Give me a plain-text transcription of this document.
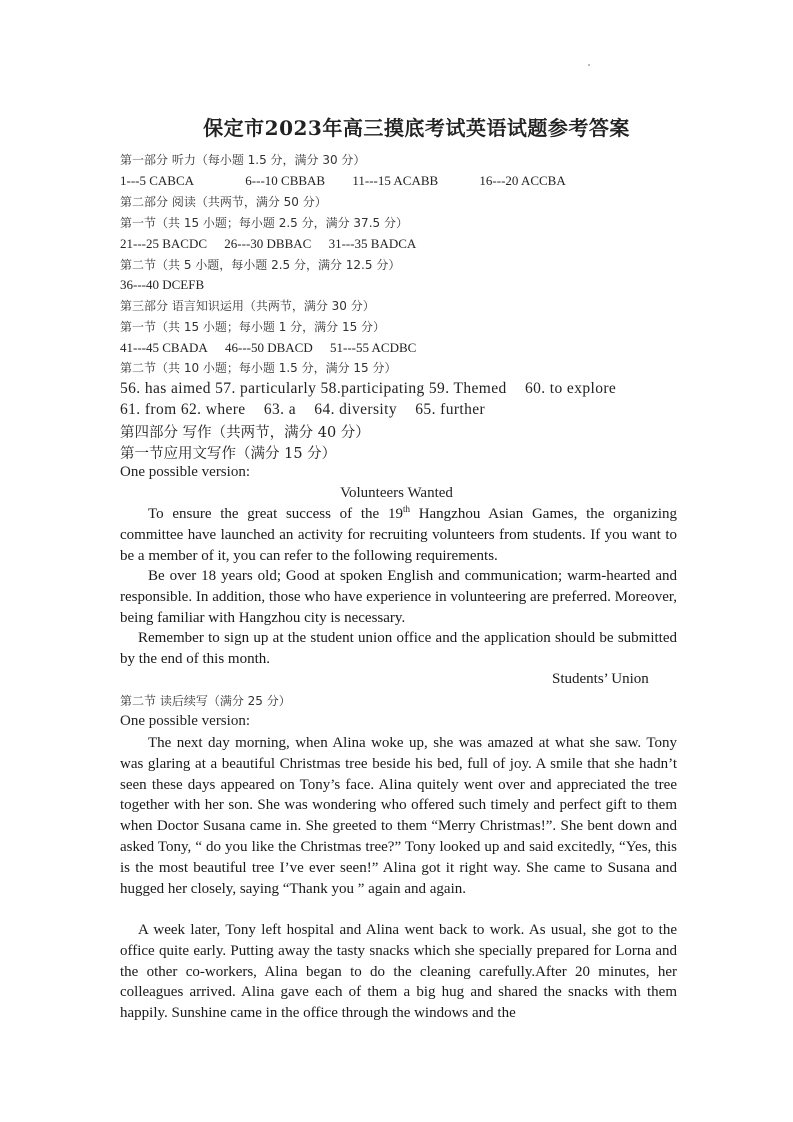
保定市2023年高三摸底考试英语试题参考答案
第一部分 听力（每小题 1.5 分，满分 30 分）
1---5 CABCA	6---10 CBBAB 11---15 ACABB	16---20 ACCBA
第二部分 阅读（共两节，满分 50 分）
第一节（共 15 小题；每小题 2.5 分，满分 37.5 分）
21---25 BACDC 26---30 DBBAC 31---35 BADCA
第二节（共 5 小题，每小题 2.5 分，满分 12.5 分）
36---40 DCEFB
第三部分 语言知识运用（共两节，满分 30 分）
第一节（共 15 小题；每小题 1 分，满分 15 分）
41---45 CBADA 46---50 DBACD 51---55 ACDBC
第二节（共 10 小题；每小题 1.5 分，满分 15 分）
56. has aimed 57. particularly 58.participating 59. Themed 60. to explore
61. from 62. where 63. a 64. diversity 65. further
第四部分 写作（共两节，满分 40 分）
第一节应用文写作（满分 15 分）
One possible version:
Volunteers Wanted
To ensure the great success of the 19th Hangzhou Asian Games, the organizing committee have launched an activity for recruiting volunteers from students. If you want to be a member of it, you can refer to the following requirements.
Be over 18 years old; Good at spoken English and communication; warm-hearted and responsible. In addition, those who have experience in volunteering are preferred. Moreover, being familiar with Hangzhou city is necessary.
Remember to sign up at the student union office and the application should be submitted by the end of this month.
Students’ Union
第二节 读后续写（满分 25 分）
One possible version:
The next day morning, when Alina woke up, she was amazed at what she saw. Tony was glaring at a beautiful Christmas tree beside his bed, full of joy. A smile that she hadn’t seen these days appeared on Tony’s face. Alina quitely went over and appreciated the tree together with her son. She was wondering who offered such timely and perfect gift to them when Doctor Susana came in. She greeted to them “Merry Christmas!”. She bent down and asked Tony, “ do you like the Christmas tree?” Tony looked up and said excitedly, “Yes, this is the most beautiful tree I’ve ever seen!” Alina got it right way. She came to Susana and hugged her closely, saying “Thank you ” again and again.
A week later, Tony left hospital and Alina went back to work. As usual, she got to the office quite early. Putting away the tasty snacks which she specially prepared for Lorna and the other co-workers, Alina began to do the cleaning carefully.After 20 minutes, her colleagues arrived. Alina gave each of them a big hug and shared the snacks with them happily. Sunshine came in the office through the windows and the
